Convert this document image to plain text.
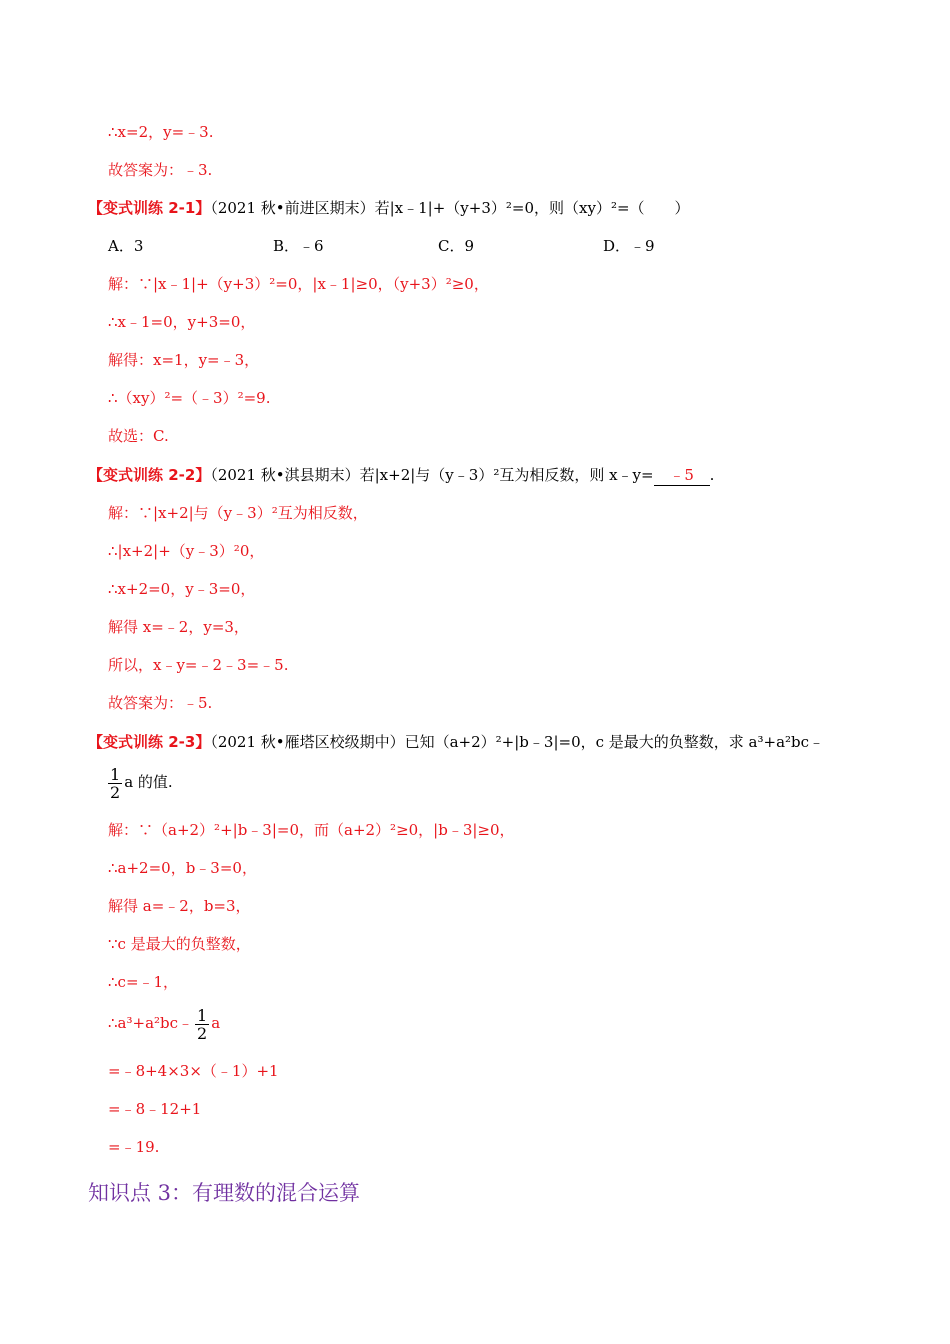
∴x=2，y=﹣3.
故答案为：﹣3.
【变式训练 2-1】（2021 秋•前进区期末）若|x﹣1|+（y+3）²=0，则（xy）²=（　　）
A．3	B．﹣6	C．9	D．﹣9
解：∵|x﹣1|+（y+3）²=0，|x﹣1|≥0，（y+3）²≥0，
∴x﹣1=0，y+3=0，
解得：x=1，y=﹣3，
∴（xy）²=（﹣3）²=9.
故选：C.
【变式训练 2-2】（2021 秋•淇县期末）若|x+2|与（y﹣3）²互为相反数，则 x﹣y= ﹣5 .
解：∵|x+2|与（y﹣3）²互为相反数，
∴|x+2|+（y﹣3）²0，
∴x+2=0，y﹣3=0，
解得 x=﹣2，y=3，
所以，x﹣y=﹣2﹣3=﹣5.
故答案为：﹣5.
【变式训练 2-3】（2021 秋•雁塔区校级期中）已知（a+2）²+|b﹣3|=0，c 是最大的负整数，求 a³+a²bc﹣
$\frac{1}{2}$ a 的值.
解：∵（a+2）²+|b﹣3|=0，而（a+2）²≥0，|b﹣3|≥0，
∴a+2=0，b﹣3=0，
解得 a=﹣2，b=3，
∵c 是最大的负整数，
∴c=﹣1，
∴a³+a²bc﹣ $\frac{1}{2}$ a
=﹣8+4×3×（﹣1）+1
=﹣8﹣12+1
=﹣19.
知识点 3：有理数的混合运算
